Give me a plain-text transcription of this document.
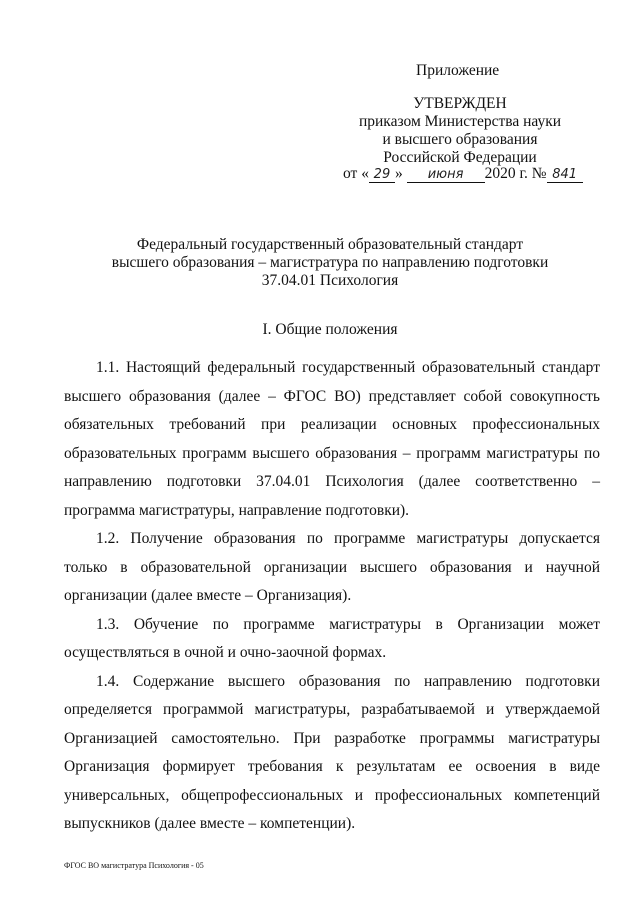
Приложение
УТВЕРЖДЕН
приказом Министерства науки
и высшего образования
Российской Федерации
от « 29 » июня 2020 г. № 841
Федеральный государственный образовательный стандарт
высшего образования – магистратура по направлению подготовки
37.04.01 Психология
I. Общие положения

1.1. Настоящий федеральный государственный образовательный стандарт высшего образования (далее – ФГОС ВО) представляет собой совокупность обязательных требований при реализации основных профессиональных образовательных программ высшего образования – программ магистратуры по направлению подготовки 37.04.01 Психология (далее соответственно – программа магистратуры, направление подготовки).

1.2. Получение образования по программе магистратуры допускается только в образовательной организации высшего образования и научной организации (далее вместе – Организация).

1.3. Обучение по программе магистратуры в Организации может осуществляться в очной и очно-заочной формах.

1.4. Содержание высшего образования по направлению подготовки определяется программой магистратуры, разрабатываемой и утверждаемой Организацией самостоятельно. При разработке программы магистратуры Организация формирует требования к результатам ее освоения в виде универсальных, общепрофессиональных и профессиональных компетенций выпускников (далее вместе – компетенции).

ФГОС ВО магистратура Психология - 05
